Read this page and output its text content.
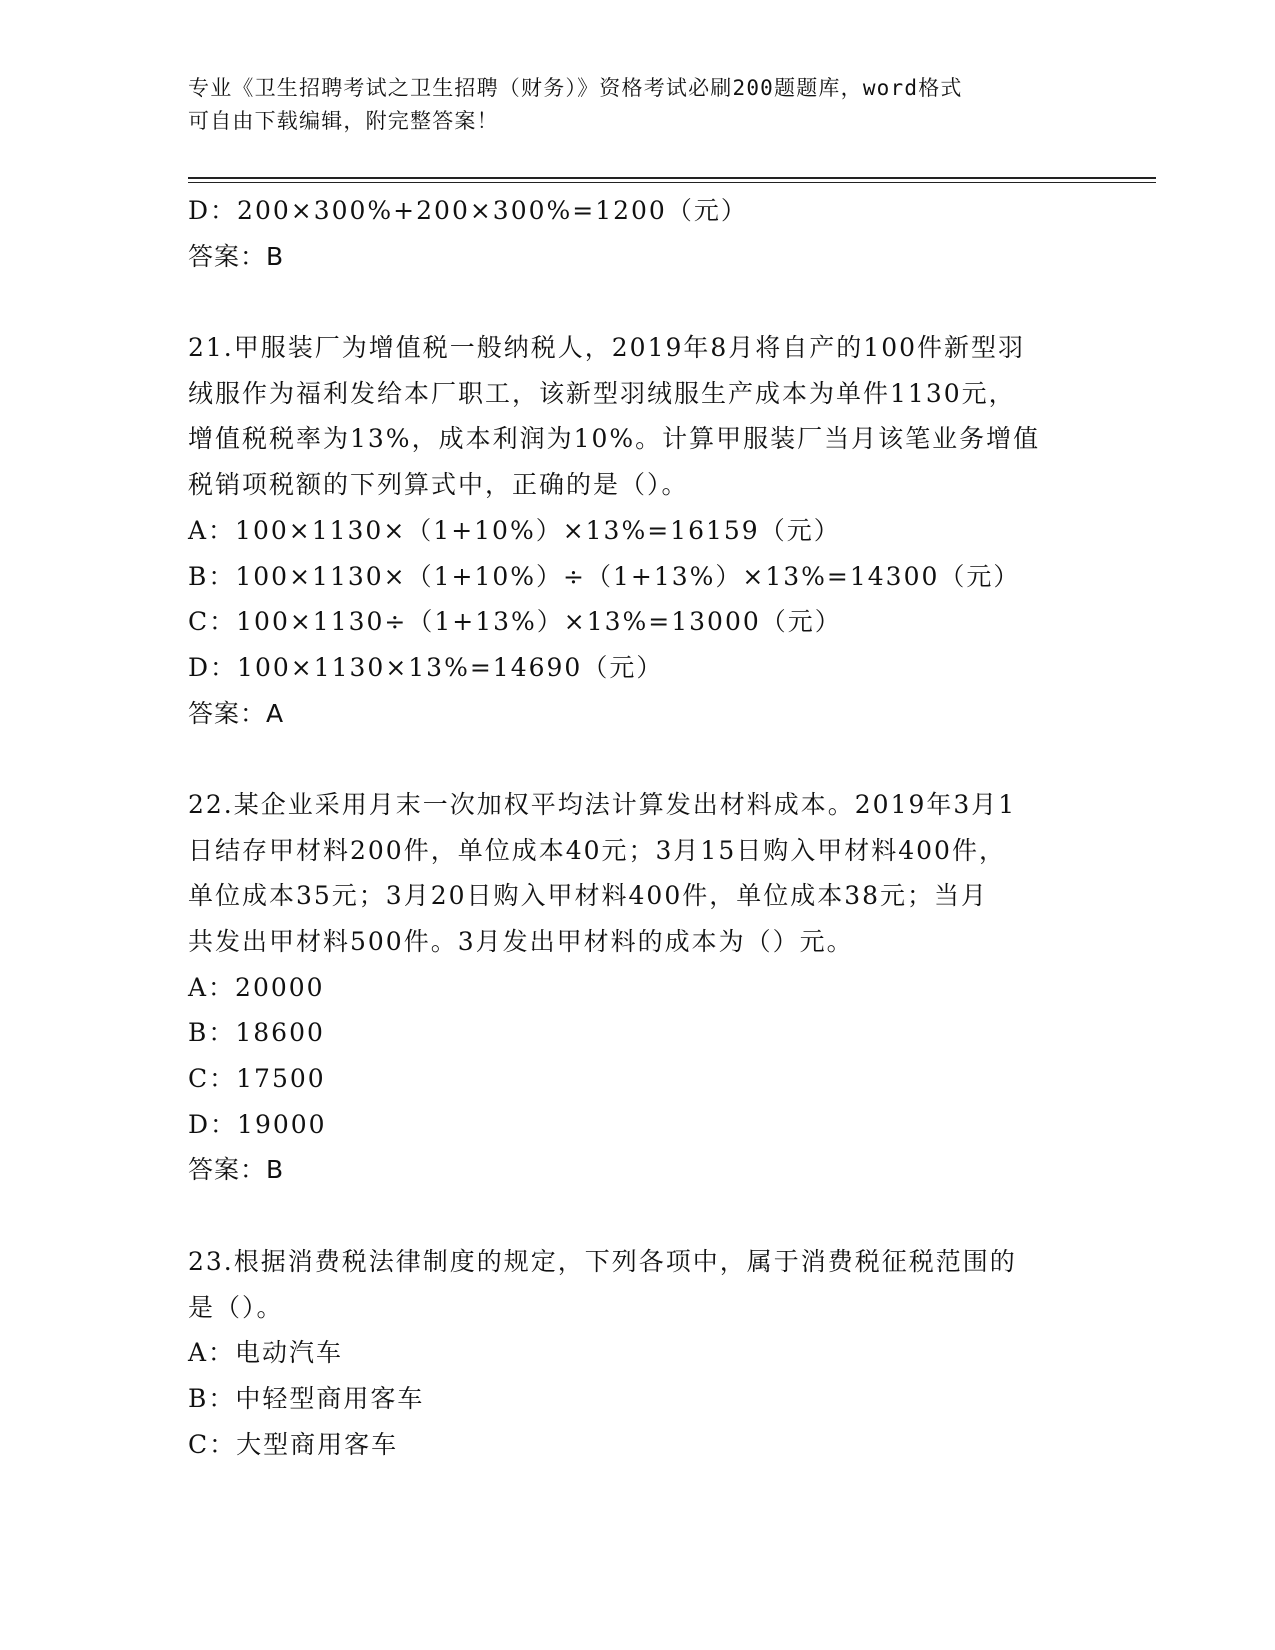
专业《卫生招聘考试之卫生招聘（财务）》资格考试必刷200题题库，word格式
可自由下载编辑，附完整答案！
D：200×300%+200×300%=1200（元）
答案：B
21.甲服装厂为增值税一般纳税人，2019年8月将自产的100件新型羽
绒服作为福利发给本厂职工，该新型羽绒服生产成本为单件1130元，
增值税税率为13%，成本利润为10%。计算甲服装厂当月该笔业务增值
税销项税额的下列算式中，正确的是（）。
A：100×1130×（1+10%）×13%=16159（元）
B：100×1130×（1+10%）÷（1+13%）×13%=14300（元）
C：100×1130÷（1+13%）×13%=13000（元）
D：100×1130×13%=14690（元）
答案：A
22.某企业采用月末一次加权平均法计算发出材料成本。2019年3月1
日结存甲材料200件，单位成本40元；3月15日购入甲材料400件，
单位成本35元；3月20日购入甲材料400件，单位成本38元；当月
共发出甲材料500件。3月发出甲材料的成本为（）元。
A：20000
B：18600
C：17500
D：19000
答案：B
23.根据消费税法律制度的规定，下列各项中，属于消费税征税范围的
是（）。
A：电动汽车
B：中轻型商用客车
C：大型商用客车
